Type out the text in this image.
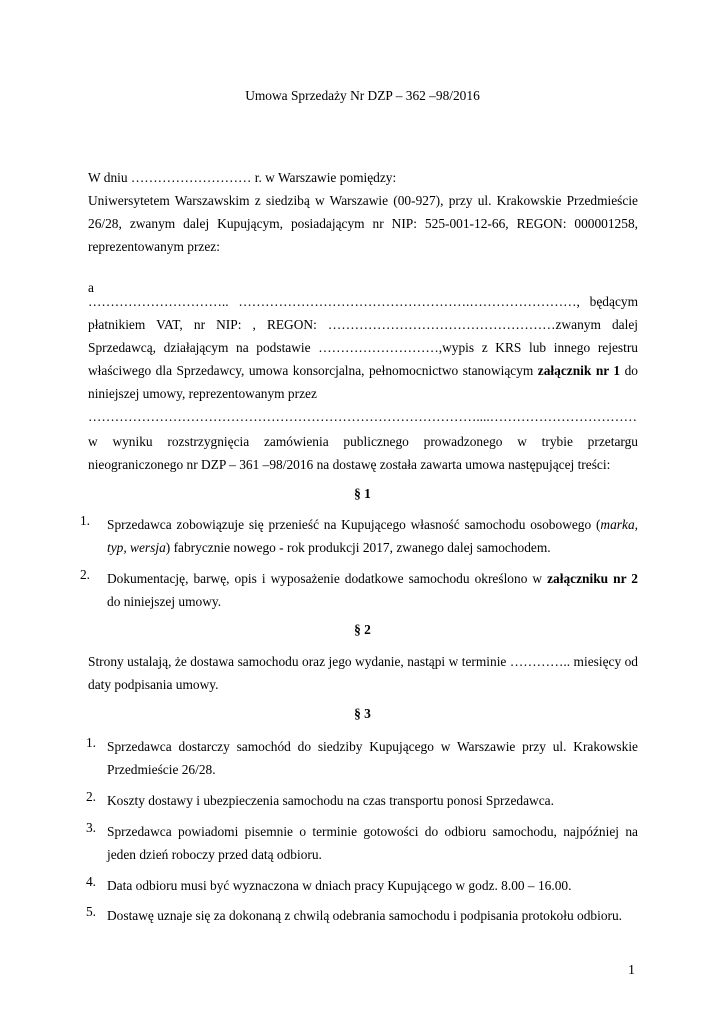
Umowa Sprzedaży Nr DZP – 362 –98/2016
W dniu ……………………… r. w Warszawie pomiędzy:
Uniwersytetem Warszawskim z siedzibą w Warszawie (00-927), przy ul. Krakowskie Przedmieście
26/28, zwanym dalej Kupującym, posiadającym nr NIP: 525-001-12-66, REGON: 000001258,
reprezentowanym przez:
a
………………………….. …………………………………………….……………………, będącym
płatnikiem VAT, nr NIP: , REGON: ……………………………………………zwanym dalej
Sprzedawcą, działającym na podstawie ………………………,wypis z KRS lub innego rejestru
właściwego dla Sprzedawcy, umowa konsorcjalna, pełnomocnictwo stanowiącym załącznik nr 1 do
niniejszej umowy, reprezentowanym przez
……………………………………………………………………………....……………………………
w wyniku rozstrzygnięcia zamówienia publicznego prowadzonego w trybie przetargu
nieograniczonego nr DZP – 361 –98/2016 na dostawę została zawarta umowa następującej treści:
§ 1
1. Sprzedawca zobowiązuje się przenieść na Kupującego własność samochodu osobowego (marka,
typ, wersja) fabrycznie nowego - rok produkcji 2017, zwanego dalej samochodem.
2. Dokumentację, barwę, opis i wyposażenie dodatkowe samochodu określono w załączniku nr 2
do niniejszej umowy.
§ 2
Strony ustalają, że dostawa samochodu oraz jego wydanie, nastąpi w terminie ………….. miesięcy od
daty podpisania umowy.
§ 3
1. Sprzedawca dostarczy samochód do siedziby Kupującego w Warszawie przy ul. Krakowskie
Przedmieście 26/28.
2. Koszty dostawy i ubezpieczenia samochodu na czas transportu ponosi Sprzedawca.
3. Sprzedawca powiadomi pisemnie o terminie gotowości do odbioru samochodu, najpóźniej na
jeden dzień roboczy przed datą odbioru.
4. Data odbioru musi być wyznaczona w dniach pracy Kupującego w godz. 8.00 – 16.00.
5. Dostawę uznaje się za dokonaną z chwilą odebrania samochodu i podpisania protokołu odbioru.
1
